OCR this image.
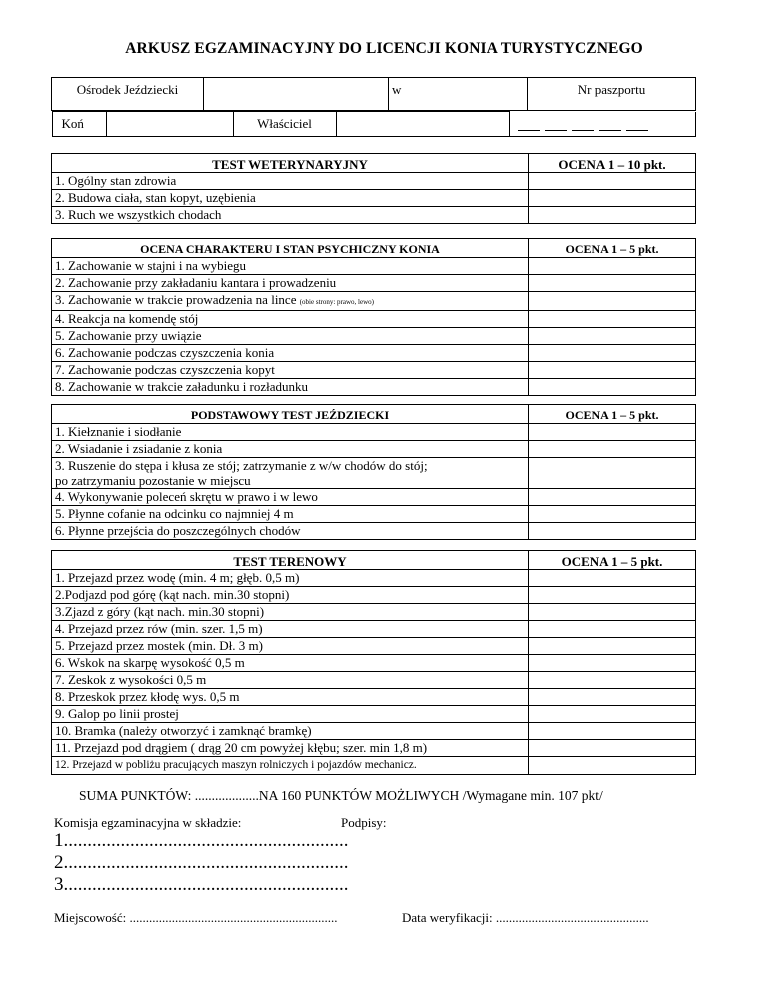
ARKUSZ EGZAMINACYJNY DO LICENCJI KONIA TURYSTYCZNEGO
Ośrodek Jeździecki		w		Nr paszportu

Koń		Właściciel		
TEST WETERYNARYJNY	OCENA 1 – 10 pkt.
1. Ogólny stan zdrowia	
2. Budowa ciała, stan kopyt, uzębienia	
3. Ruch we wszystkich chodach	
OCENA CHARAKTERU I STAN PSYCHICZNY KONIA	OCENA 1 – 5 pkt.
1. Zachowanie w stajni i na wybiegu	
2. Zachowanie przy zakładaniu kantara i prowadzeniu	
3. Zachowanie w trakcie prowadzenia na lince (obie strony: prawo, lewo)	
4. Reakcja na komendę stój	
5. Zachowanie przy uwiązie	
6. Zachowanie podczas czyszczenia konia	
7. Zachowanie podczas czyszczenia kopyt	
8. Zachowanie w trakcie załadunku i rozładunku	
PODSTAWOWY TEST JEŹDZIECKI	OCENA 1 – 5 pkt.
1. Kiełznanie i siodłanie	
2. Wsiadanie i zsiadanie z konia	
3. Ruszenie do stępa i kłusa ze stój; zatrzymanie z w/w chodów do stój;
po zatrzymaniu pozostanie w miejscu	
4. Wykonywanie poleceń skrętu w prawo i w lewo	
5. Płynne cofanie na odcinku co najmniej 4 m	
6. Płynne przejścia do poszczególnych chodów	
TEST TERENOWY	OCENA 1 – 5 pkt.
1. Przejazd przez wodę (min. 4 m; głęb. 0,5 m)	
2.Podjazd pod górę (kąt nach. min.30 stopni)	
3.Zjazd z góry (kąt nach. min.30 stopni)	
4. Przejazd przez rów (min. szer. 1,5 m)	
5. Przejazd przez mostek (min. Dł. 3 m)	
6. Wskok na skarpę wysokość 0,5 m	
7. Zeskok z wysokości 0,5 m	
8. Przeskok przez kłodę wys. 0,5 m	
9. Galop po linii prostej	
10. Bramka (należy otworzyć i zamknąć bramkę)	
11. Przejazd pod drągiem ( drąg 20 cm powyżej kłębu; szer. min 1,8 m)	
12. Przejazd w pobliżu pracujących maszyn rolniczych i pojazdów mechanicz.	
SUMA PUNKTÓW: ...................NA 160 PUNKTÓW MOŻLIWYCH /Wymagane min. 107 pkt/
Komisja egzaminacyjna w składzie:	Podpisy:
1............................................................
2............................................................
3............................................................
Miejscowość: ................................................................	Data weryfikacji: ...............................................
